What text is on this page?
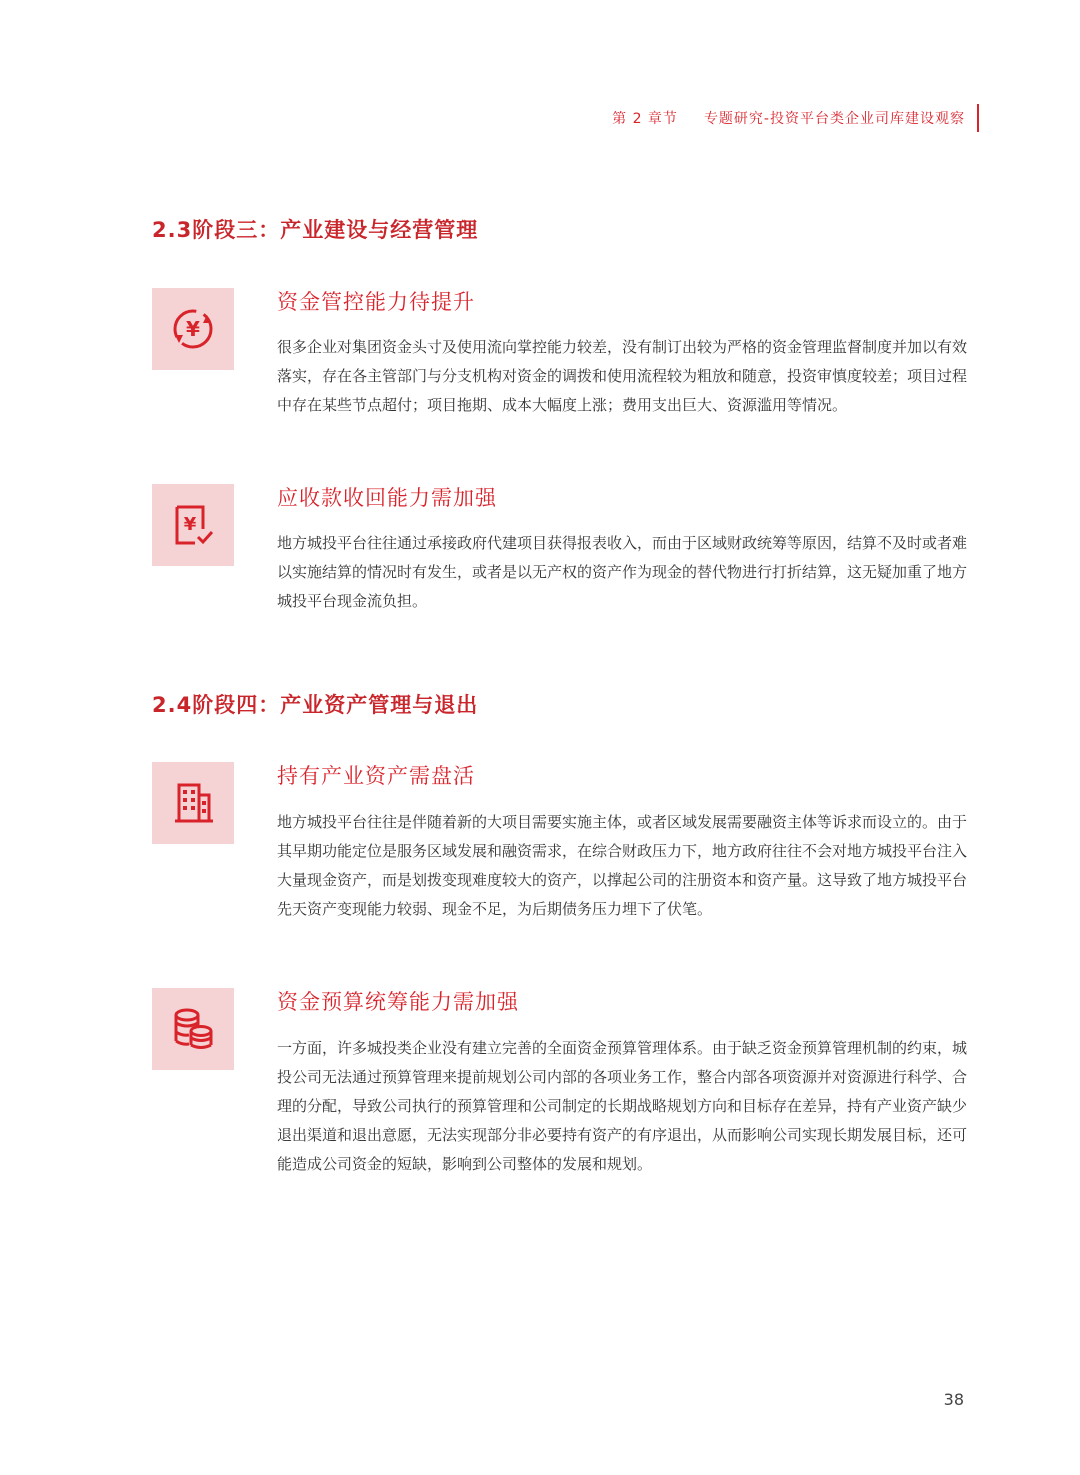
第 2 章节 专题研究-投资平台类企业司库建设观察
2.3阶段三：产业建设与经营管理
¥
资金管控能力待提升
很多企业对集团资金头寸及使用流向掌控能力较差，没有制订出较为严格的资金管理监督制度并加以有效落实，存在各主管部门与分支机构对资金的调拨和使用流程较为粗放和随意，投资审慎度较差；项目过程中存在某些节点超付；项目拖期、成本大幅度上涨；费用支出巨大、资源滥用等情况。
¥
应收款收回能力需加强
地方城投平台往往通过承接政府代建项目获得报表收入，而由于区域财政统筹等原因，结算不及时或者难以实施结算的情况时有发生，或者是以无产权的资产作为现金的替代物进行打折结算，这无疑加重了地方城投平台现金流负担。
2.4阶段四：产业资产管理与退出
持有产业资产需盘活
地方城投平台往往是伴随着新的大项目需要实施主体，或者区域发展需要融资主体等诉求而设立的。由于其早期功能定位是服务区域发展和融资需求，在综合财政压力下，地方政府往往不会对地方城投平台注入大量现金资产，而是划拨变现难度较大的资产，以撑起公司的注册资本和资产量。这导致了地方城投平台先天资产变现能力较弱、现金不足，为后期债务压力埋下了伏笔。
资金预算统筹能力需加强
一方面，许多城投类企业没有建立完善的全面资金预算管理体系。由于缺乏资金预算管理机制的约束，城投公司无法通过预算管理来提前规划公司内部的各项业务工作，整合内部各项资源并对资源进行科学、合理的分配，导致公司执行的预算管理和公司制定的长期战略规划方向和目标存在差异，持有产业资产缺少退出渠道和退出意愿，无法实现部分非必要持有资产的有序退出，从而影响公司实现长期发展目标，还可能造成公司资金的短缺，影响到公司整体的发展和规划。
38
